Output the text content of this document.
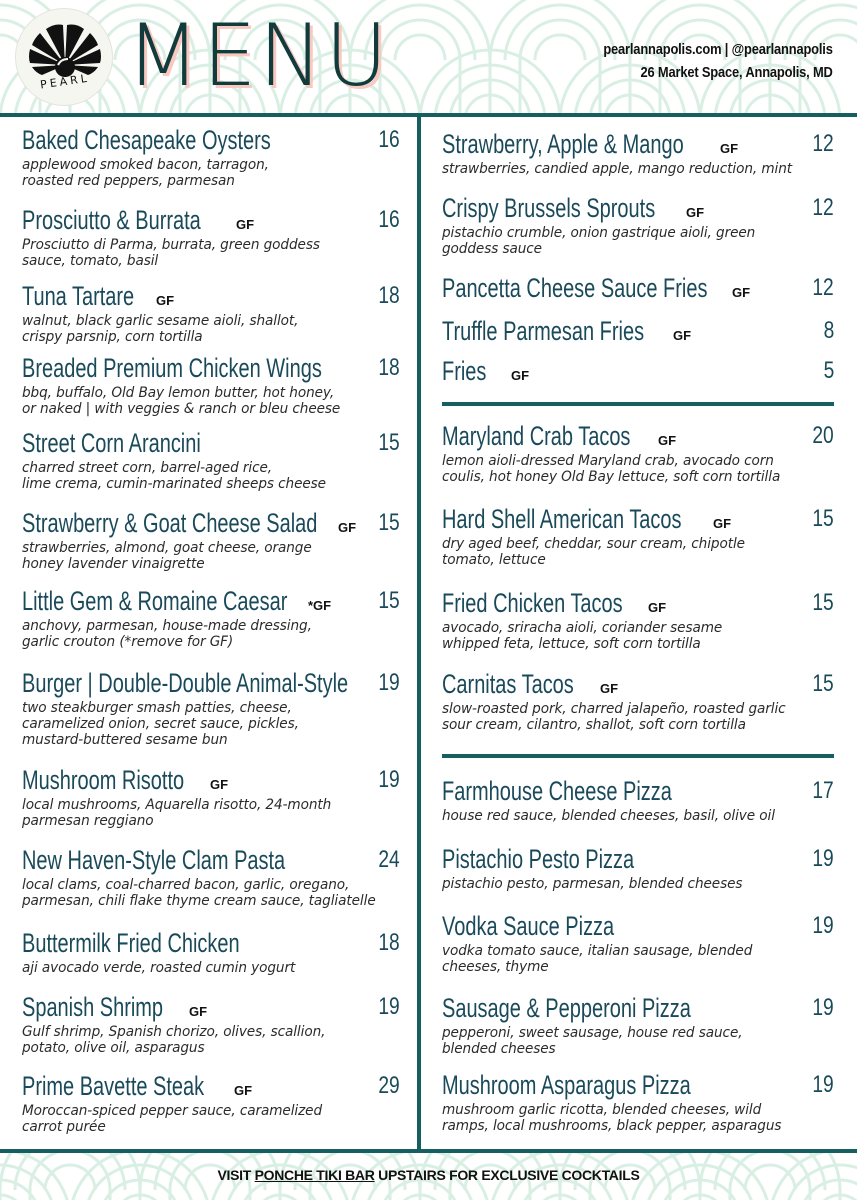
PEARL MENU	pearlannapolis.com | @pearlannapolis
26 Market Space, Annapolis, MD
Baked Chesapeake Oysters	16
applewood smoked bacon, tarragon,
roasted red peppers, parmesan
Prosciutto & Burrata	GF	16
Prosciutto di Parma, burrata, green goddess
sauce, tomato, basil
Tuna Tartare GF	18
walnut, black garlic sesame aioli, shallot,
crispy parsnip, corn tortilla
Breaded Premium Chicken Wings 18
bbq, buffalo, Old Bay lemon butter, hot honey,
or naked | with veggies & ranch or bleu cheese
Street Corn Arancini	15
charred street corn, barrel-aged rice,
lime crema, cumin-marinated sheeps cheese
Strawberry & Goat Cheese Salad GF 15
strawberries, almond, goat cheese, orange
honey lavender vinaigrette
Little Gem & Romaine Caesar *GF 15
anchovy, parmesan, house-made dressing,
garlic crouton (*remove for GF)
Burger | Double-Double Animal-Style 19
two steakburger smash patties, cheese,
caramelized onion, secret sauce, pickles,
mustard-buttered sesame bun
Mushroom Risotto GF	19
local mushrooms, Aquarella risotto, 24-month
parmesan reggiano
New Haven-Style Clam Pasta	24
local clams, coal-charred bacon, garlic, oregano,
parmesan, chili flake thyme cream sauce, tagliatelle
Buttermilk Fried Chicken	18
aji avocado verde, roasted cumin yogurt
Spanish Shrimp GF	19
Gulf shrimp, Spanish chorizo, olives, scallion,
potato, olive oil, asparagus
Prime Bavette Steak GF	29
Moroccan-spiced pepper sauce, caramelized
carrot purée
Strawberry, Apple & Mango	GF	12
strawberries, candied apple, mango reduction, mint
Crispy Brussels Sprouts GF	12
pistachio crumble, onion gastrique aioli, green
goddess sauce
Pancetta Cheese Sauce Fries GF	12
Truffle Parmesan Fries GF	8
Fries GF	5
Maryland Crab Tacos GF	20
lemon aioli-dressed Maryland crab, avocado corn
coulis, hot honey Old Bay lettuce, soft corn tortilla
Hard Shell American Tacos GF	15
dry aged beef, cheddar, sour cream, chipotle
tomato, lettuce
Fried Chicken Tacos GF	15
avocado, sriracha aioli, coriander sesame
whipped feta, lettuce, soft corn tortilla
Carnitas Tacos GF	15
slow-roasted pork, charred jalapeño, roasted garlic
sour cream, cilantro, shallot, soft corn tortilla
Farmhouse Cheese Pizza	17
house red sauce, blended cheeses, basil, olive oil
Pistachio Pesto Pizza	19
pistachio pesto, parmesan, blended cheeses
Vodka Sauce Pizza	19
vodka tomato sauce, italian sausage, blended
cheeses, thyme
Sausage & Pepperoni Pizza	19
pepperoni, sweet sausage, house red sauce,
blended cheeses
Mushroom Asparagus Pizza	19
mushroom garlic ricotta, blended cheeses, wild
ramps, local mushrooms, black pepper, asparagus
VISIT PONCHE TIKI BAR UPSTAIRS FOR EXCLUSIVE COCKTAILS
